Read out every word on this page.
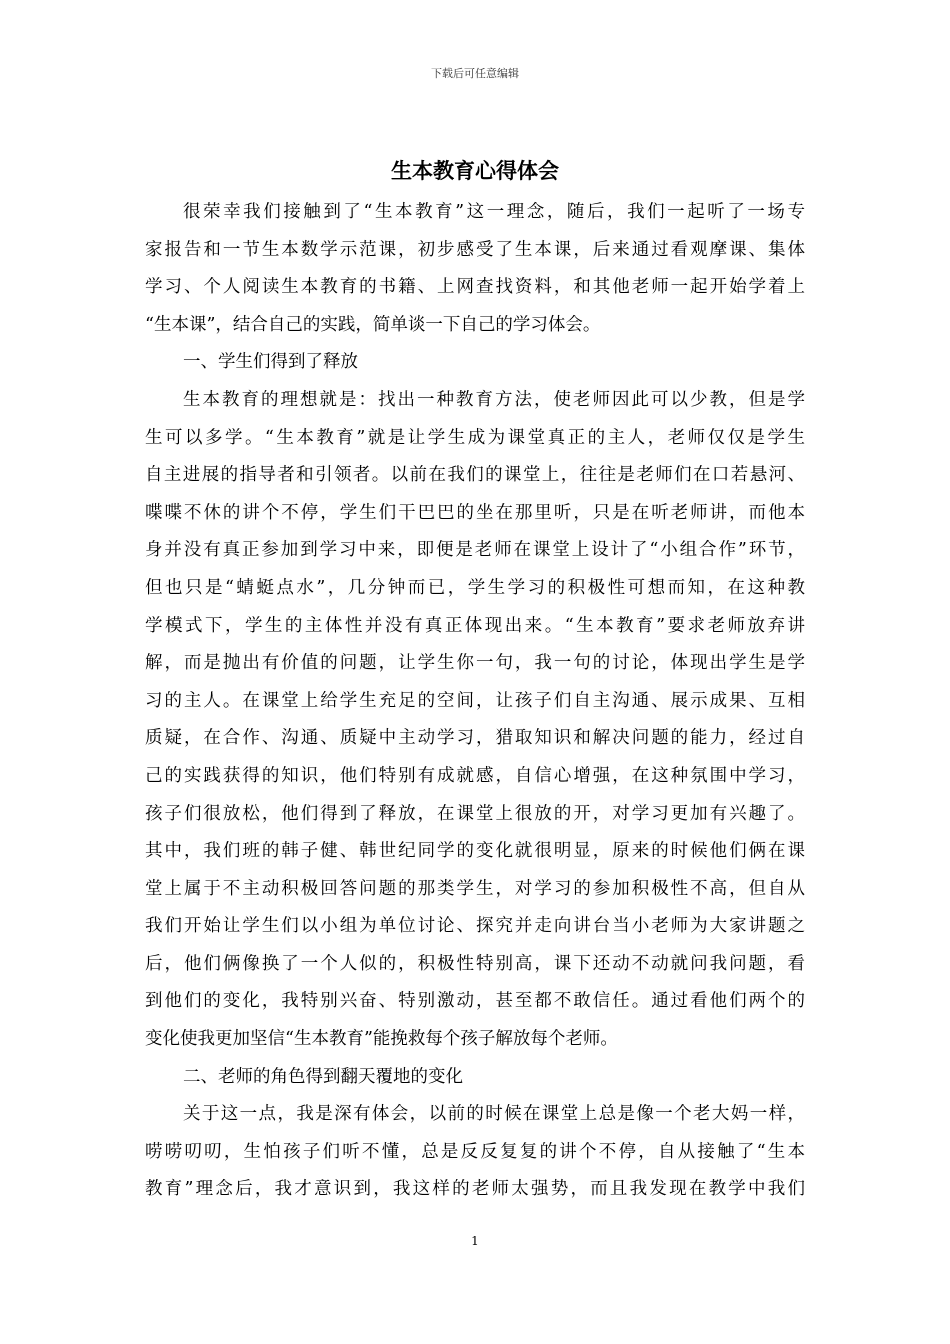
下载后可任意编辑
生本教育心得体会
很荣幸我们接触到了“生本教育”这一理念，随后，我们一起听了一场专
家报告和一节生本数学示范课，初步感受了生本课，后来通过看观摩课、集体
学习、个人阅读生本教育的书籍、上网查找资料，和其他老师一起开始学着上
“生本课”，结合自己的实践，简单谈一下自己的学习体会。
一、学生们得到了释放
生本教育的理想就是：找出一种教育方法，使老师因此可以少教，但是学
生可以多学。“生本教育”就是让学生成为课堂真正的主人，老师仅仅是学生
自主进展的指导者和引领者。以前在我们的课堂上，往往是老师们在口若悬河、
喋喋不休的讲个不停，学生们干巴巴的坐在那里听，只是在听老师讲，而他本
身并没有真正参加到学习中来，即便是老师在课堂上设计了“小组合作”环节，
但也只是“蜻蜓点水”，几分钟而已，学生学习的积极性可想而知，在这种教
学模式下，学生的主体性并没有真正体现出来。“生本教育”要求老师放弃讲
解，而是抛出有价值的问题，让学生你一句，我一句的讨论，体现出学生是学
习的主人。在课堂上给学生充足的空间，让孩子们自主沟通、展示成果、互相
质疑，在合作、沟通、质疑中主动学习，猎取知识和解决问题的能力，经过自
己的实践获得的知识，他们特别有成就感，自信心增强，在这种氛围中学习，
孩子们很放松，他们得到了释放，在课堂上很放的开，对学习更加有兴趣了。
其中，我们班的韩子健、韩世纪同学的变化就很明显，原来的时候他们俩在课
堂上属于不主动积极回答问题的那类学生，对学习的参加积极性不高，但自从
我们开始让学生们以小组为单位讨论、探究并走向讲台当小老师为大家讲题之
后，他们俩像换了一个人似的，积极性特别高，课下还动不动就问我问题，看
到他们的变化，我特别兴奋、特别激动，甚至都不敢信任。通过看他们两个的
变化使我更加坚信“生本教育”能挽救每个孩子解放每个老师。
二、老师的角色得到翻天覆地的变化
关于这一点，我是深有体会，以前的时候在课堂上总是像一个老大妈一样，
唠唠叨叨，生怕孩子们听不懂，总是反反复复的讲个不停，自从接触了“生本
教育”理念后，我才意识到，我这样的老师太强势，而且我发现在教学中我们
1
